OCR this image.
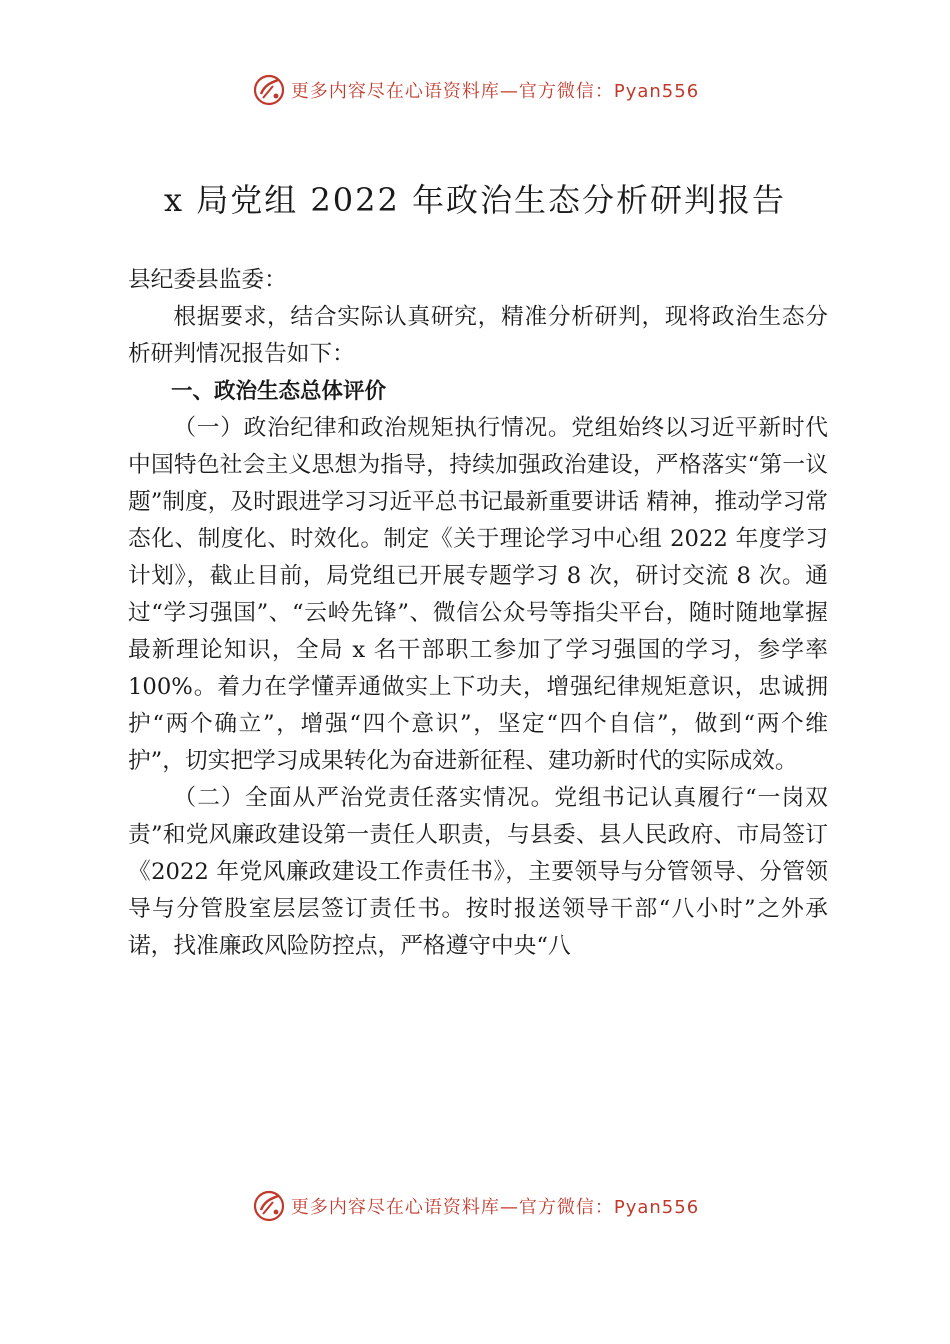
更多内容尽在心语资料库—官方微信：Pyan556
x 局党组 2022 年政治生态分析研判报告

县纪委县监委：

根据要求，结合实际认真研究，精准分析研判，现将政治生态分析研判情况报告如下：

一、政治生态总体评价

（一）政治纪律和政治规矩执行情况。党组始终以习近平新时代中国特色社会主义思想为指导，持续加强政治建设，严格落实“第一议题”制度，及时跟进学习习近平总书记最新重要讲话 精神，推动学习常态化、制度化、时效化。制定《关于理论学习中心组 2022 年度学习计划》，截止目前，局党组已开展专题学习 8 次，研讨交流 8 次。通过“学习强国”、“云岭先锋”、微信公众号等指尖平台，随时随地掌握最新理论知识，全局 x 名干部职工参加了学习强国的学习，参学率 100%。着力在学懂弄通做实上下功夫，增强纪律规矩意识，忠诚拥护“两个确立”，增强“四个意识”，坚定“四个自信”，做到“两个维护”，切实把学习成果转化为奋进新征程、建功新时代的实际成效。

（二）全面从严治党责任落实情况。党组书记认真履行“一岗双责”和党风廉政建设第一责任人职责，与县委、县人民政府、市局签订《2022 年党风廉政建设工作责任书》，主要领导与分管领导、分管领导与分管股室层层签订责任书。按时报送领导干部“八小时”之外承诺，找准廉政风险防控点，严格遵守中央“八

更多内容尽在心语资料库—官方微信：Pyan556
